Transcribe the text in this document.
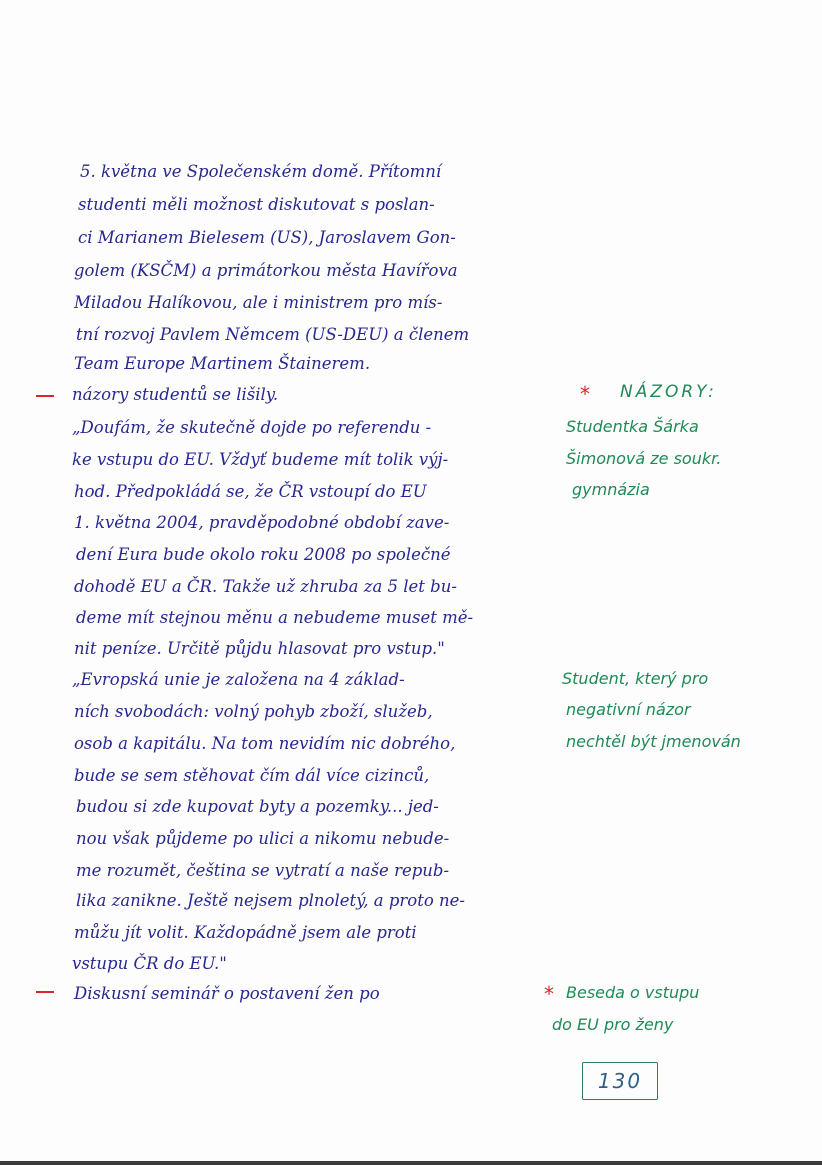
5. května ve Společenském domě. Přítomní
studenti měli možnost diskutovat s poslan-
ci Marianem Bielesem (US), Jaroslavem Gon-
golem (KSČM) a primátorkou města Havířova
Miladou Halíkovou, ale i ministrem pro mís-
tní rozvoj Pavlem Němcem (US-DEU) a členem
Team Europe Martinem Štainerem.
názory studentů se lišily.
„Doufám, že skutečně dojde po referendu -
ke vstupu do EU. Vždyť budeme mít tolik výj-
hod. Předpokládá se, že ČR vstoupí do EU
1. května 2004, pravděpodobné období zave-
dení Eura bude okolo roku 2008 po společné
dohodě EU a ČR. Takže už zhruba za 5 let bu-
deme mít stejnou měnu a nebudeme muset mě-
nit peníze. Určitě půjdu hlasovat pro vstup."
„Evropská unie je založena na 4 základ-
ních svobodách: volný pohyb zboží, služeb,
osob a kapitálu. Na tom nevidím nic dobrého,
bude se sem stěhovat čím dál více cizinců,
budou si zde kupovat byty a pozemky... jed-
nou však půjdeme po ulici a nikomu nebude-
me rozumět, čeština se vytratí a naše repub-
lika zanikne. Ještě nejsem plnoletý, a proto ne-
můžu jít volit. Každopádně jsem ale proti
vstupu ČR do EU."
Diskusní seminář o postavení žen po
* NÁZORY:
Studentka Šárka
Šimonová ze soukr.
gymnázia
Student, který pro
negativní názor
nechtěl být jmenován
* Beseda o vstupu
do EU pro ženy
130
